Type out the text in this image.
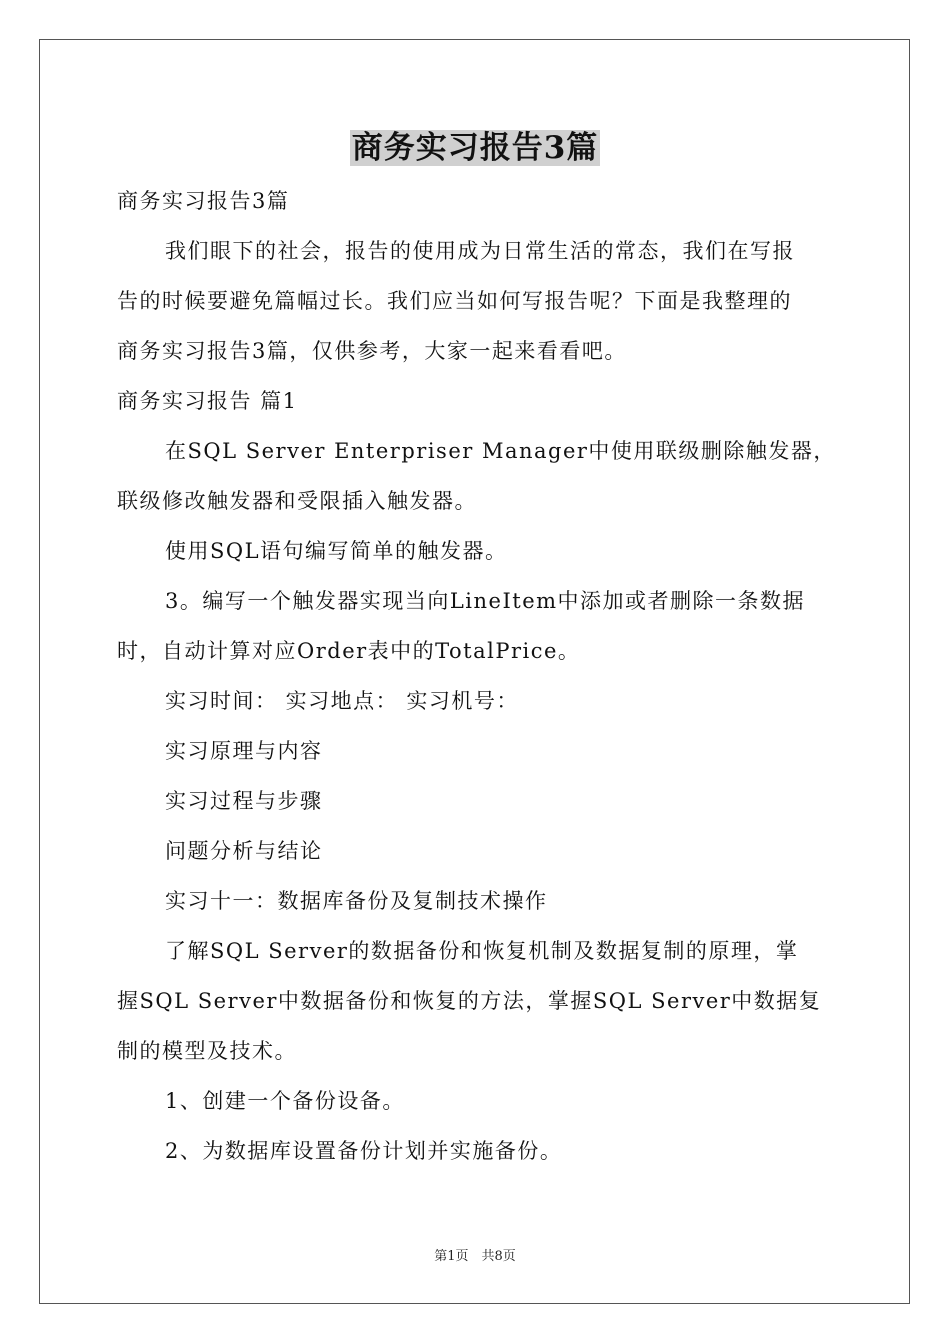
商务实习报告3篇
商务实习报告3篇
我们眼下的社会，报告的使用成为日常生活的常态，我们在写报
告的时候要避免篇幅过长。我们应当如何写报告呢？下面是我整理的
商务实习报告3篇，仅供参考，大家一起来看看吧。
商务实习报告 篇1
在SQL Server Enterpriser Manager中使用联级删除触发器，
联级修改触发器和受限插入触发器。
使用SQL语句编写简单的触发器。
3。编写一个触发器实现当向LineItem中添加或者删除一条数据
时，自动计算对应Order表中的TotalPrice。
实习时间： 实习地点： 实习机号：
实习原理与内容
实习过程与步骤
问题分析与结论
实习十一：数据库备份及复制技术操作
了解SQL Server的数据备份和恢复机制及数据复制的原理，掌
握SQL Server中数据备份和恢复的方法，掌握SQL Server中数据复
制的模型及技术。
1、创建一个备份设备。
2、为数据库设置备份计划并实施备份。
第1页　共8页
